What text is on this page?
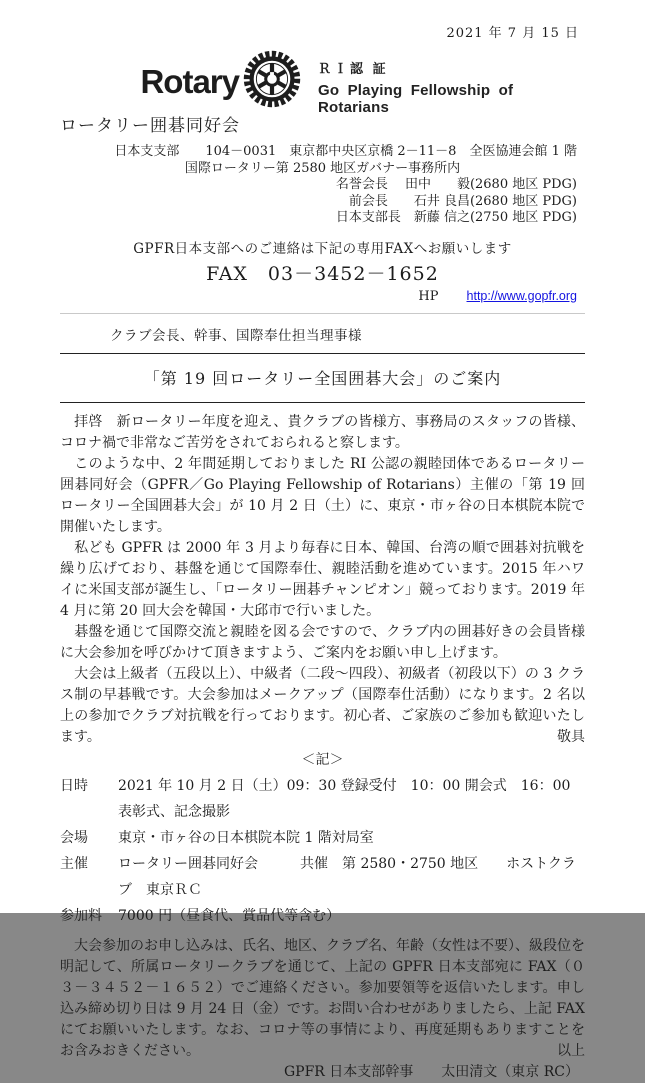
2021 年 7 月 15 日
Rotary
ロータリー囲碁同好会
ＲＩ認 証
Go Playing Fellowship of Rotarians
日本支支部　　104－0031　東京都中央区京橋 2－11－8　全医協連会館 1 階
国際ロータリー第 2580 地区ガバナー事務所内
名誉会長　 田中　　毅(2680 地区 PDG)
前会長　　石井 良昌(2680 地区 PDG)
日本支部長　新藤 信之(2750 地区 PDG)
GPFR日本支部へのご連絡は下記の専用FAXへお願いします
FAX　03－3452－1652
HP http://www.gopfr.org
クラブ会長、幹事、国際奉仕担当理事様
「第 19 回ロータリー全国囲碁大会」のご案内

　拝啓　新ロータリー年度を迎え、貴クラブの皆様方、事務局のスタッフの皆様、コロナ禍で非常なご苦労をされておられると察します。

　このような中、2 年間延期しておりました RI 公認の親睦団体であるロータリー囲碁同好会（GPFR／Go Playing Fellowship of Rotarians）主催の「第 19 回ロータリー全国囲碁大会」が 10 月 2 日（土）に、東京・市ヶ谷の日本棋院本院で開催いたします。

　私ども GPFR は 2000 年 3 月より毎春に日本、韓国、台湾の順で囲碁対抗戦を繰り広げており、碁盤を通じて国際奉仕、親睦活動を進めています。2015 年ハワイに米国支部が誕生し、「ロータリー囲碁チャンピオン」競っております。2019 年 4 月に第 20 回大会を韓国・大邱市で行いました。

　碁盤を通じて国際交流と親睦を図る会ですので、クラブ内の囲碁好きの会員皆様に大会参加を呼びかけて頂きますよう、ご案内をお願い申し上げます。

　大会は上級者（五段以上）、中級者（二段～四段）、初級者（初段以下）の 3 クラス制の早碁戦です。大会参加はメークアップ（国際奉仕活動）になります。2 名以上の参加でクラブ対抗戦を行っております。初心者、ご家族のご参加も歓迎いたします。	敬具

＜記＞
日時	2021 年 10 月 2 日（土）09：30 登録受付　10：00 開会式　16：00 表彰式、記念撮影
会場	東京・市ヶ谷の日本棋院本院 1 階対局室
主催	ロータリー囲碁同好会　　　共催　第 2580・2750 地区　　ホストクラブ　東京ＲＣ
参加料	7000 円（昼食代、賞品代等含む）

　大会参加のお申し込みは、氏名、地区、クラブ名、年齢（女性は不要）、級段位を明記して、所属ロータリークラブを通じて、上記の GPFR 日本支部宛に FAX（０３－３４５２－１６５２）でご連絡ください。参加要領等を返信いたします。申し込み締め切り日は 9 月 24 日（金）です。お問い合わせがありましたら、上記 FAX にてお願いいたします。なお、コロナ等の事情により、再度延期もありますことをお含みおきください。	以上

GPFR 日本支部幹事　　太田清文（東京 RC）
